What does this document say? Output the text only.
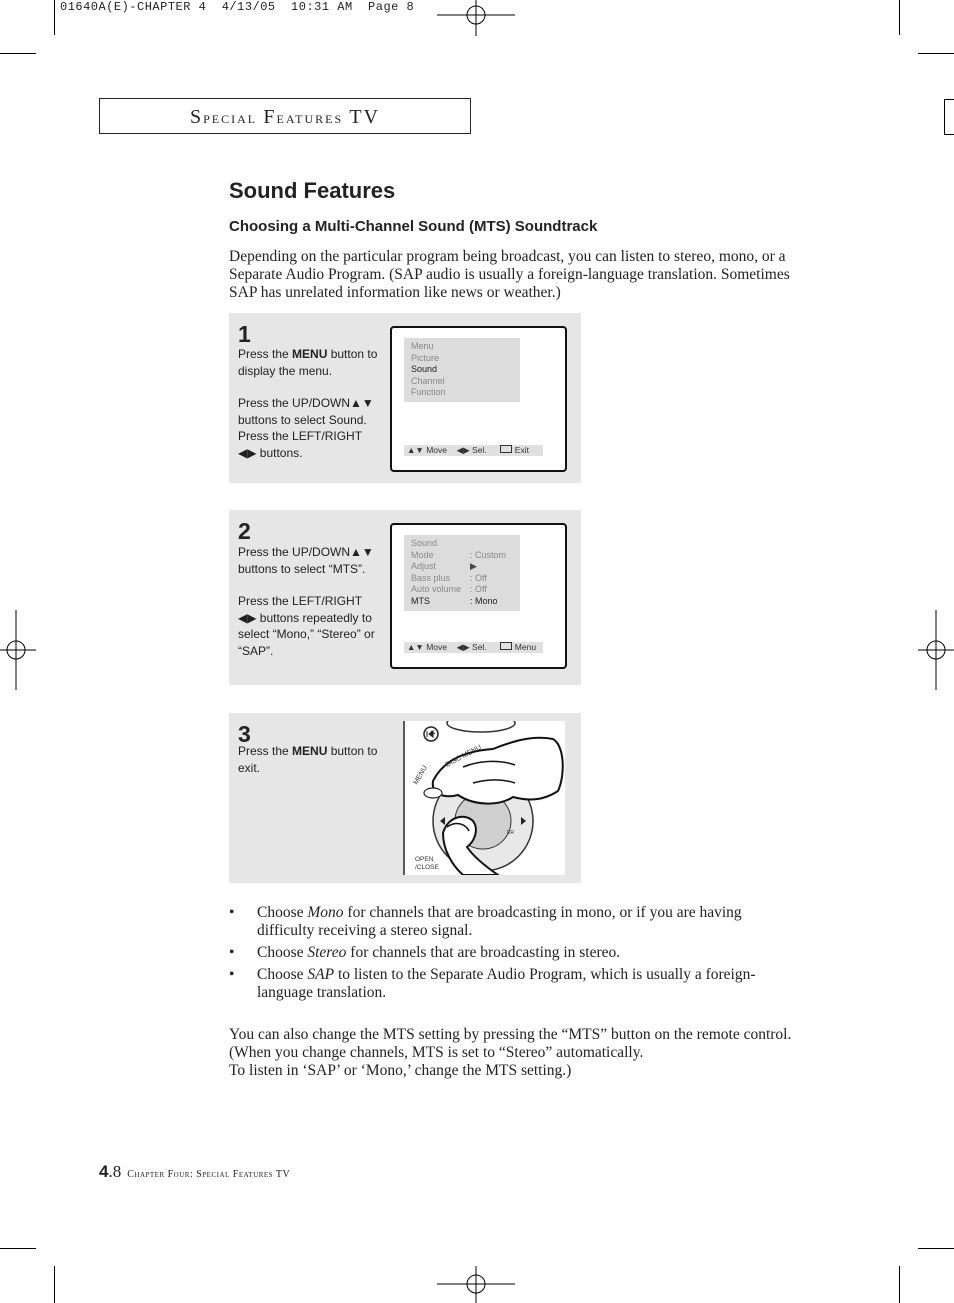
01640A(E)-CHAPTER 4  4/13/05  10:31 AM  Page 8
Special Features TV
Sound Features
Choosing a Multi-Channel Sound (MTS) Soundtrack
Depending on the particular program being broadcast, you can listen to stereo, mono, or a Separate Audio Program. (SAP audio is usually a foreign-language translation. Sometimes SAP has unrelated information like news or weather.)
1

Press the MENU button to display the menu.

Press the UP/DOWN▲▼ buttons to select Sound. Press the LEFT/RIGHT ◀▶ buttons.

Menu
Picture
Sound
Channel
Function
▲▼ Move ◀▶ Sel.	Exit
2

Press the UP/DOWN▲▼ buttons to select “MTS”.

Press the LEFT/RIGHT ◀▶ buttons repeatedly to select “Mono,” “Stereo” or “SAP”.

Sound
Mode	: Custom
Adjust	▶
Bass plus	: Off
Auto volume : Off
MTS	: Mono
▲▼ Move ◀▶ Sel.	Menu
3

Press the MENU button to exit.	DISC MENU
MENU
ER
OPEN
/CLOSE
• Choose Mono for channels that are broadcasting in mono, or if you are having difficulty receiving a stereo signal.
• Choose Stereo for channels that are broadcasting in stereo.
• Choose SAP to listen to the Separate Audio Program, which is usually a foreign-language translation.
You can also change the MTS setting by pressing the “MTS” button on the remote control. (When you change channels, MTS is set to “Stereo” automatically.
To listen in ‘SAP’ or ‘Mono,’ change the MTS setting.)
4.8 Chapter Four: Special Features TV
